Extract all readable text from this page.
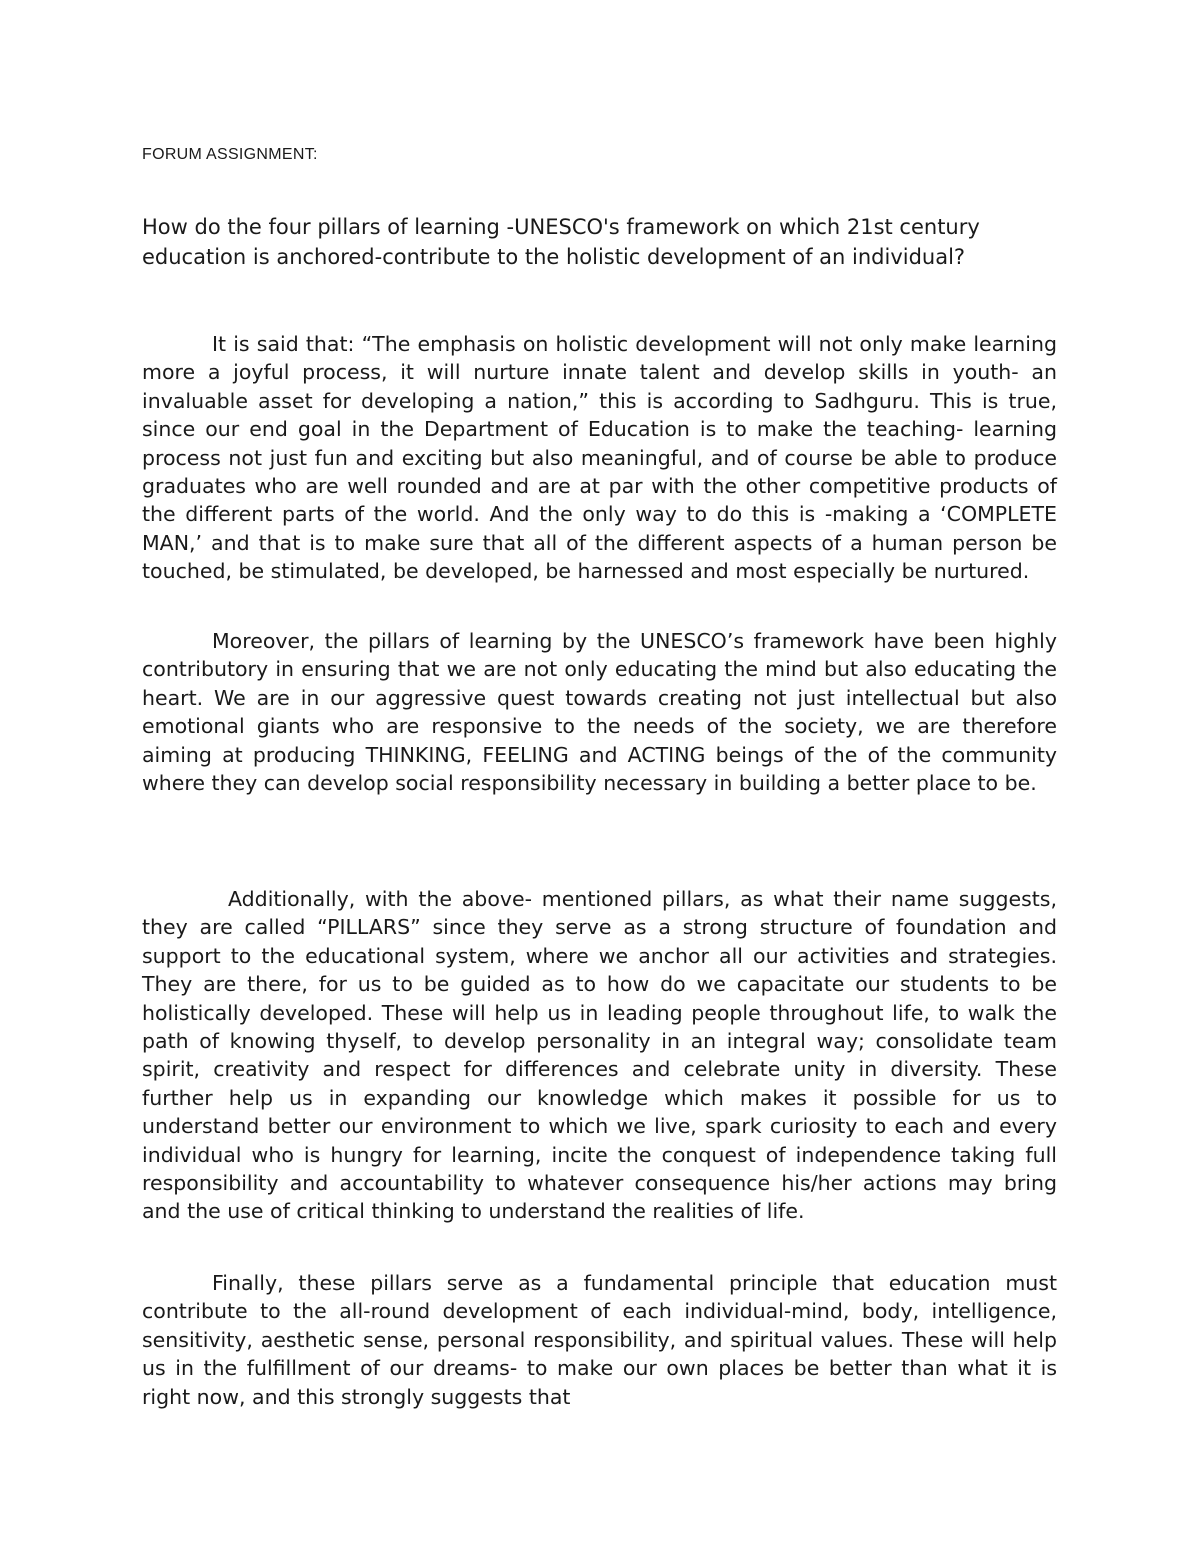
FORUM ASSIGNMENT:

How do the four pillars of learning -UNESCO's framework on which 21st century education is anchored-contribute to the holistic development of an individual?

It is said that: “The emphasis on holistic development will not only make learning more a joyful process, it will nurture innate talent and develop skills in youth- an invaluable asset for developing a nation,” this is according to Sadhguru. This is true, since our end goal in the Department of Education is to make the teaching- learning process not just fun and exciting but also meaningful, and of course be able to produce graduates who are well rounded and are at par with the other competitive products of the different parts of the world. And the only way to do this is -making a ‘COMPLETE MAN,’ and that is to make sure that all of the different aspects of a human person be touched, be stimulated, be developed, be harnessed and most especially be nurtured.

Moreover, the pillars of learning by the UNESCO’s framework have been highly contributory in ensuring that we are not only educating the mind but also educating the heart. We are in our aggressive quest towards creating not just intellectual but also emotional giants who are responsive to the needs of the society, we are therefore aiming at producing THINKING, FEELING and ACTING beings of the of the community where they can develop social responsibility necessary in building a better place to be.

Additionally, with the above- mentioned pillars, as what their name suggests, they are called “PILLARS” since they serve as a strong structure of foundation and support to the educational system, where we anchor all our activities and strategies. They are there, for us to be guided as to how do we capacitate our students to be holistically developed. These will help us in leading people throughout life, to walk the path of knowing thyself, to develop personality in an integral way; consolidate team spirit, creativity and respect for differences and celebrate unity in diversity. These further help us in expanding our knowledge which makes it possible for us to understand better our environment to which we live, spark curiosity to each and every individual who is hungry for learning, incite the conquest of independence taking full responsibility and accountability to whatever consequence his/her actions may bring and the use of critical thinking to understand the realities of life.

Finally, these pillars serve as a fundamental principle that education must contribute to the all-round development of each individual-mind, body, intelligence, sensitivity, aesthetic sense, personal responsibility, and spiritual values. These will help us in the fulfillment of our dreams- to make our own places be better than what it is right now, and this strongly suggests that
